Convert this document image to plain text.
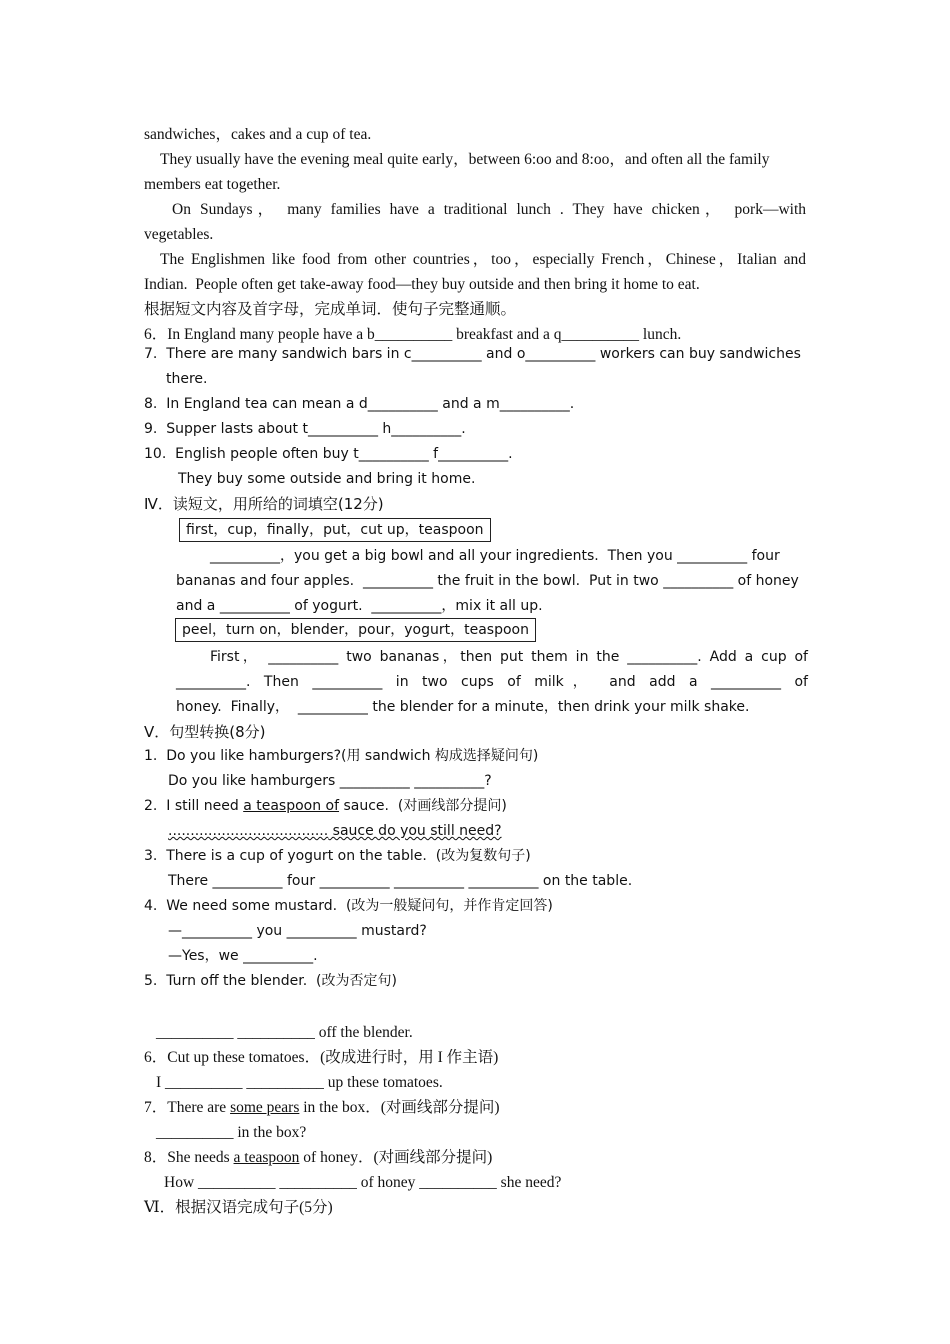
sandwiches，cakes and a cup of tea.
They usually have the evening meal quite early，between 6:oo and 8:oo，and often all the family
members eat together.
On Sundays， many families have a traditional lunch . They have chicken， pork—with
vegetables.
The Englishmen like food from other countries，too，especially French，Chinese，Italian and
Indian.  People often get take-away food—they buy outside and then bring it home to eat.
根据短文内容及首字母，完成单词．使句子完整通顺。
6．In England many people have a b__________ breakfast and a q__________ lunch.
7.  There are many sandwich bars in c__________ and o__________ workers can buy sandwiches
there.
8.  In England tea can mean a d__________ and a m__________.
9.  Supper lasts about t__________ h__________.
10.  English people often buy t__________ f__________.
They buy some outside and bring it home.
Ⅳ．读短文，用所给的词填空(12分)
first，cup，finally，put，cut up，teaspoon
__________，you get a big bowl and all your ingredients.  Then you __________ four
bananas and four apples.  __________ the fruit in the bowl.  Put in two __________ of honey
and a __________ of yogurt.  __________，mix it all up.
peel，turn on，blender，pour，yogurt，teaspoon
First， __________ two bananas，then put them in the __________. Add a cup of
__________. Then __________ in two cups of milk， and add a __________ of
honey.  Finally，  __________ the blender for a minute，then drink your milk shake.
Ⅴ．句型转换(8分)
1.  Do you like hamburgers?(用 sandwich 构成选择疑问句)
Do you like hamburgers __________ __________?
2.  I still need a teaspoon of sauce.  (对画线部分提问)
.................................... sauce do you still need?
3.  There is a cup of yogurt on the table.  (改为复数句子)
There __________ four __________ __________ __________ on the table.
4.  We need some mustard.  (改为一般疑问句，并作肯定回答)
—__________ you __________ mustard?
—Yes，we __________.
5.  Turn off the blender.  (改为否定句)
__________ __________ off the blender.
6．Cut up these tomatoes．(改成进行时，用 I 作主语)
I __________ __________ up these tomatoes.
7．There are some pears in the box．(对画线部分提问)
__________ in the box?
8．She needs a teaspoon of honey．(对画线部分提问)
How __________ __________ of honey __________ she need?
Ⅵ．根据汉语完成句子(5分)
